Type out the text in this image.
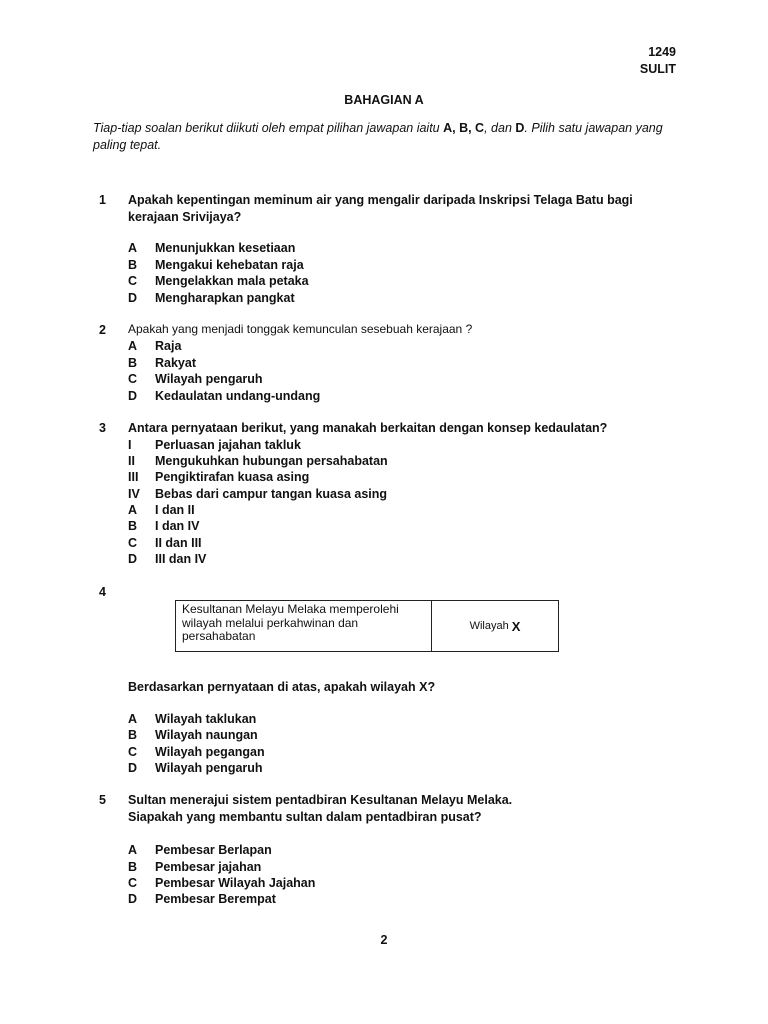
1249
SULIT
BAHAGIAN A
Tiap-tiap soalan berikut diikuti oleh empat pilihan jawapan iaitu A, B, C, dan D. Pilih satu jawapan yang paling tepat.
1 Apakah kepentingan meminum air yang mengalir daripada Inskripsi Telaga Batu bagi kerajaan Srivijaya?
A Menunjukkan kesetiaan
B Mengakui kehebatan raja
C Mengelakkan mala petaka
D Mengharapkan pangkat
2 Apakah yang menjadi tonggak kemunculan sesebuah kerajaan ?
A Raja
B Rakyat
C Wilayah pengaruh
D Kedaulatan undang-undang
3 Antara pernyataan berikut, yang manakah berkaitan dengan konsep kedaulatan?
I Perluasan jajahan takluk
II Mengukuhkan hubungan persahabatan
III Pengiktirafan kuasa asing
IV Bebas dari campur tangan kuasa asing
A I dan II
B I dan IV
C II dan III
D III dan IV
4
Kesultanan Melayu Melaka memperolehi wilayah melalui perkahwinan dan persahabatan
Wilayah X
Berdasarkan pernyataan di atas, apakah wilayah X?
A Wilayah taklukan
B Wilayah naungan
C Wilayah pegangan
D Wilayah pengaruh
5 Sultan menerajui sistem pentadbiran Kesultanan Melayu Melaka.
Siapakah yang membantu sultan dalam pentadbiran pusat?
A Pembesar Berlapan
B Pembesar jajahan
C Pembesar Wilayah Jajahan
D Pembesar Berempat
2
